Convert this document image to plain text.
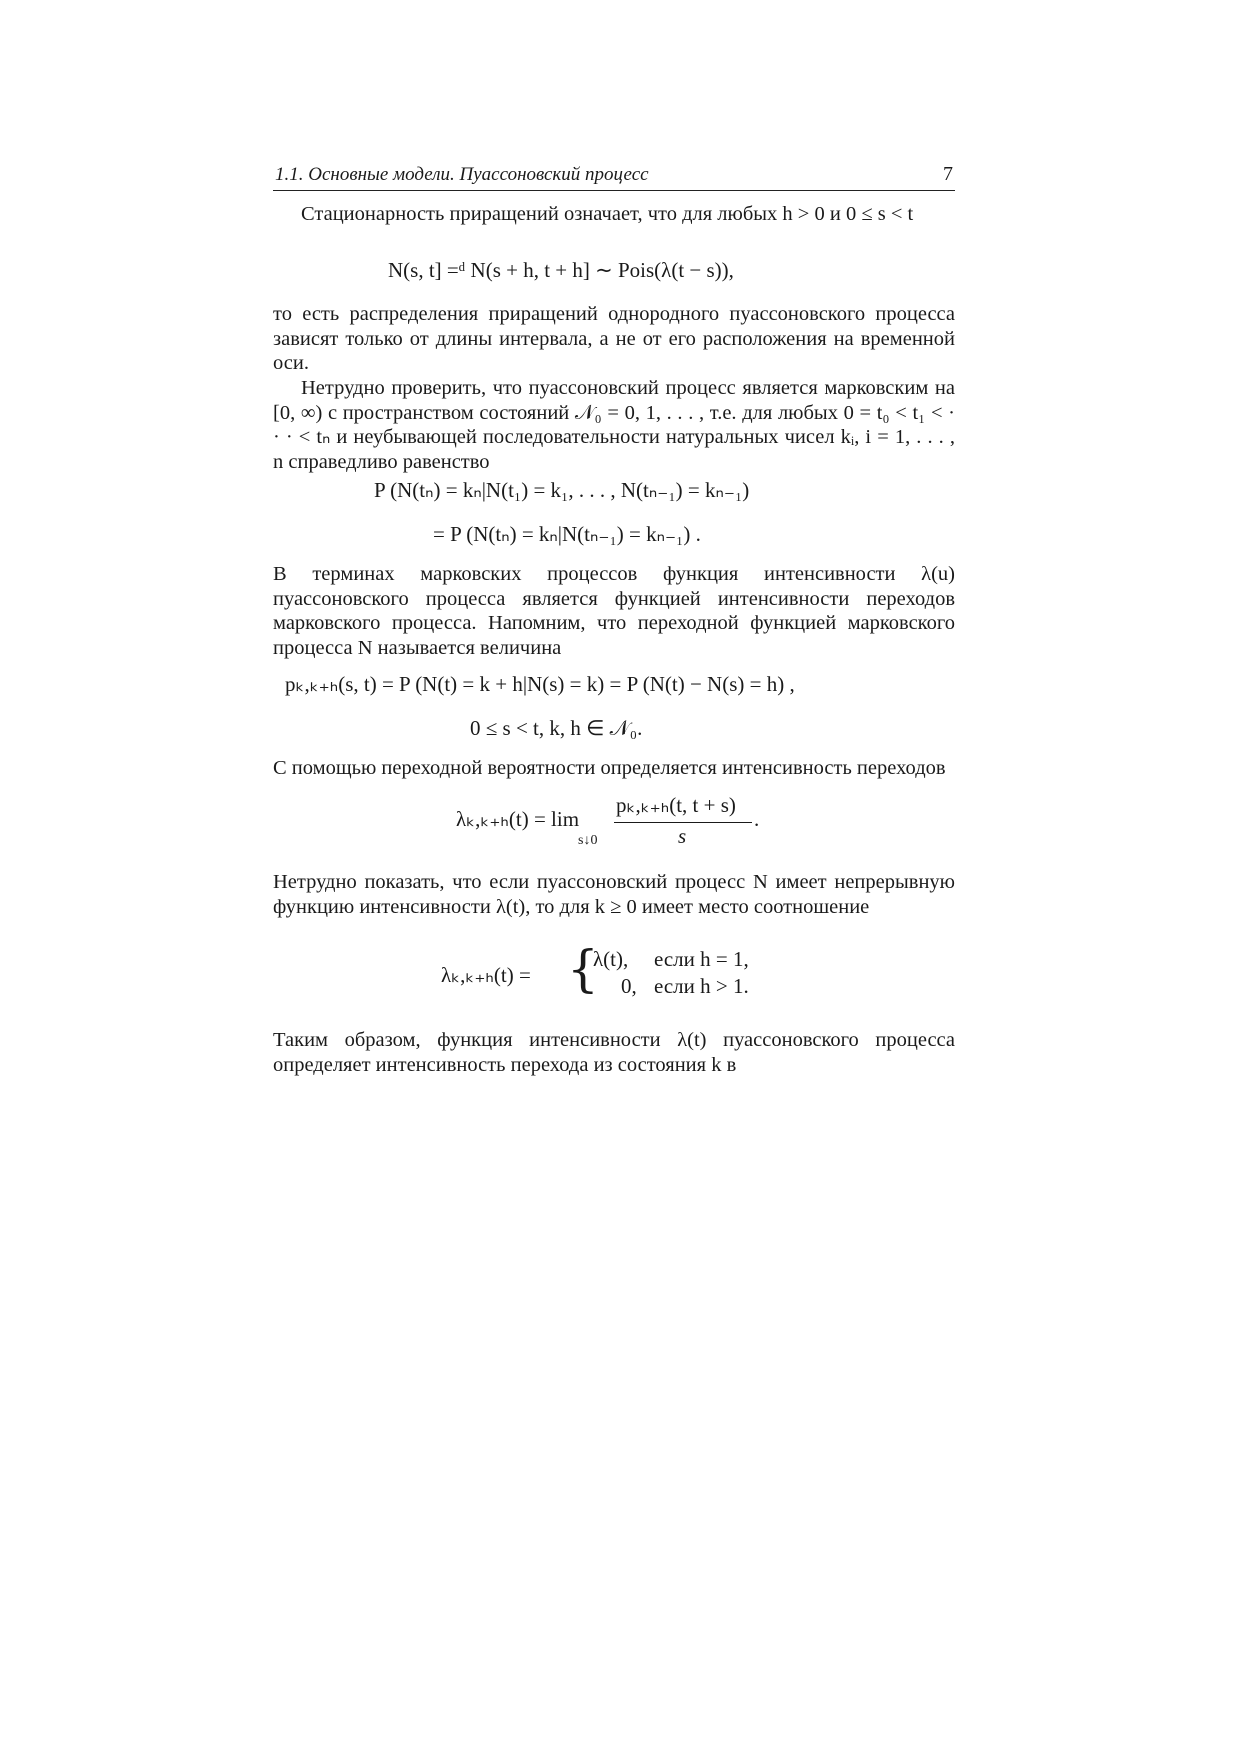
1.1. Основные модели. Пуассоновский процесс	7

Стационарность приращений означает, что для любых h > 0 и 0 ≤ s < t

N(s, t] =ᵈ N(s + h, t + h] ∼ Pois(λ(t − s)),

то есть распределения приращений однородного пуассоновского процесса зависят только от длины интервала, а не от его расположения на временной оси.

Нетрудно проверить, что пуассоновский процесс является марковским на [0, ∞) с пространством состояний 𝒩₀ = 0, 1, . . . , т.е. для любых 0 = t₀ < t₁ < · · · < tₙ и неубывающей последовательности натуральных чисел kᵢ, i = 1, . . . , n справедливо равенство

P (N(tₙ) = kₙ|N(t₁) = k₁, . . . , N(tₙ₋₁) = kₙ₋₁)
= P (N(tₙ) = kₙ|N(tₙ₋₁) = kₙ₋₁) .

В терминах марковских процессов функция интенсивности λ(u) пуассоновского процесса является функцией интенсивности переходов марковского процесса. Напомним, что переходной функцией марковского процесса N называется величина

pₖ,ₖ₊ₕ(s, t) = P (N(t) = k + h|N(s) = k) = P (N(t) − N(s) = h) ,
0 ≤ s < t, k, h ∈ 𝒩₀.

С помощью переходной вероятности определяется интенсивность переходов

λₖ,ₖ₊ₕ(t) = lim
s↓0
pₖ,ₖ₊ₕ(t, t + s)
s
.

Нетрудно показать, что если пуассоновский процесс N имеет непрерывную функцию интенсивности λ(t), то для k ≥ 0 имеет место соотношение

λₖ,ₖ₊ₕ(t) = {
λ(t), если h = 1,
0, если h > 1.

Таким образом, функция интенсивности λ(t) пуассоновского процесса определяет интенсивность перехода из состояния k в
